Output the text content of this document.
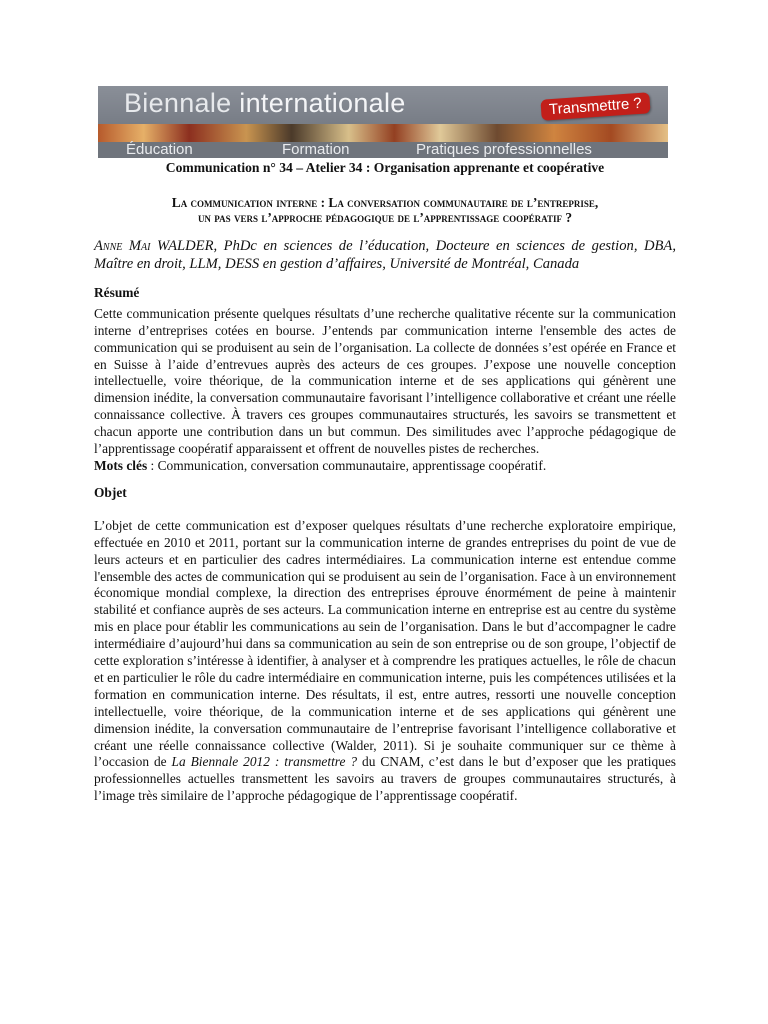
Biennale internationale	Transmettre ?
Éducation	Formation	Pratiques professionnelles

Communication n° 34 – Atelier 34 : Organisation apprenante et coopérative

La communication interne : La conversation communautaire de l’entreprise,
un pas vers l’approche pédagogique de l’apprentissage coopératif ?

Anne Mai WALDER, PhDc en sciences de l’éducation, Docteure en sciences de gestion, DBA, Maître en droit, LLM, DESS en gestion d’affaires, Université de Montréal, Canada

Résumé

Cette communication présente quelques résultats d’une recherche qualitative récente sur la communication interne d’entreprises cotées en bourse. J’entends par communication interne l'ensemble des actes de communication qui se produisent au sein de l’organisation. La collecte de données s’est opérée en France et en Suisse à l’aide d’entrevues auprès des acteurs de ces groupes. J’expose une nouvelle conception intellectuelle, voire théorique, de la communication interne et de ses applications qui génèrent une dimension inédite, la conversation communautaire favorisant l’intelligence collaborative et créant une réelle connaissance collective. À travers ces groupes communautaires structurés, les savoirs se transmettent et chacun apporte une contribution dans un but commun. Des similitudes avec l’approche pédagogique de l’apprentissage coopératif apparaissent et offrent de nouvelles pistes de recherches.

Mots clés : Communication, conversation communautaire, apprentissage coopératif.

Objet

L’objet de cette communication est d’exposer quelques résultats d’une recherche exploratoire empirique, effectuée en 2010 et 2011, portant sur la communication interne de grandes entreprises du point de vue de leurs acteurs et en particulier des cadres intermédiaires. La communication interne est entendue comme l'ensemble des actes de communication qui se produisent au sein de l’organisation. Face à un environnement économique mondial complexe, la direction des entreprises éprouve énormément de peine à maintenir stabilité et confiance auprès de ses acteurs. La communication interne en entreprise est au centre du système mis en place pour établir les communications au sein de l’organisation. Dans le but d’accompagner le cadre intermédiaire d’aujourd’hui dans sa communication au sein de son entreprise ou de son groupe, l’objectif de cette exploration s’intéresse à identifier, à analyser et à comprendre les pratiques actuelles, le rôle de chacun et en particulier le rôle du cadre intermédiaire en communication interne, puis les compétences utilisées et la formation en communication interne. Des résultats, il est, entre autres, ressorti une nouvelle conception intellectuelle, voire théorique, de la communication interne et de ses applications qui génèrent une dimension inédite, la conversation communautaire de l’entreprise favorisant l’intelligence collaborative et créant une réelle connaissance collective (Walder, 2011). Si je souhaite communiquer sur ce thème à l’occasion de La Biennale 2012 : transmettre ? du CNAM, c’est dans le but d’exposer que les pratiques professionnelles actuelles transmettent les savoirs au travers de groupes communautaires structurés, à l’image très similaire de l’approche pédagogique de l’apprentissage coopératif.
